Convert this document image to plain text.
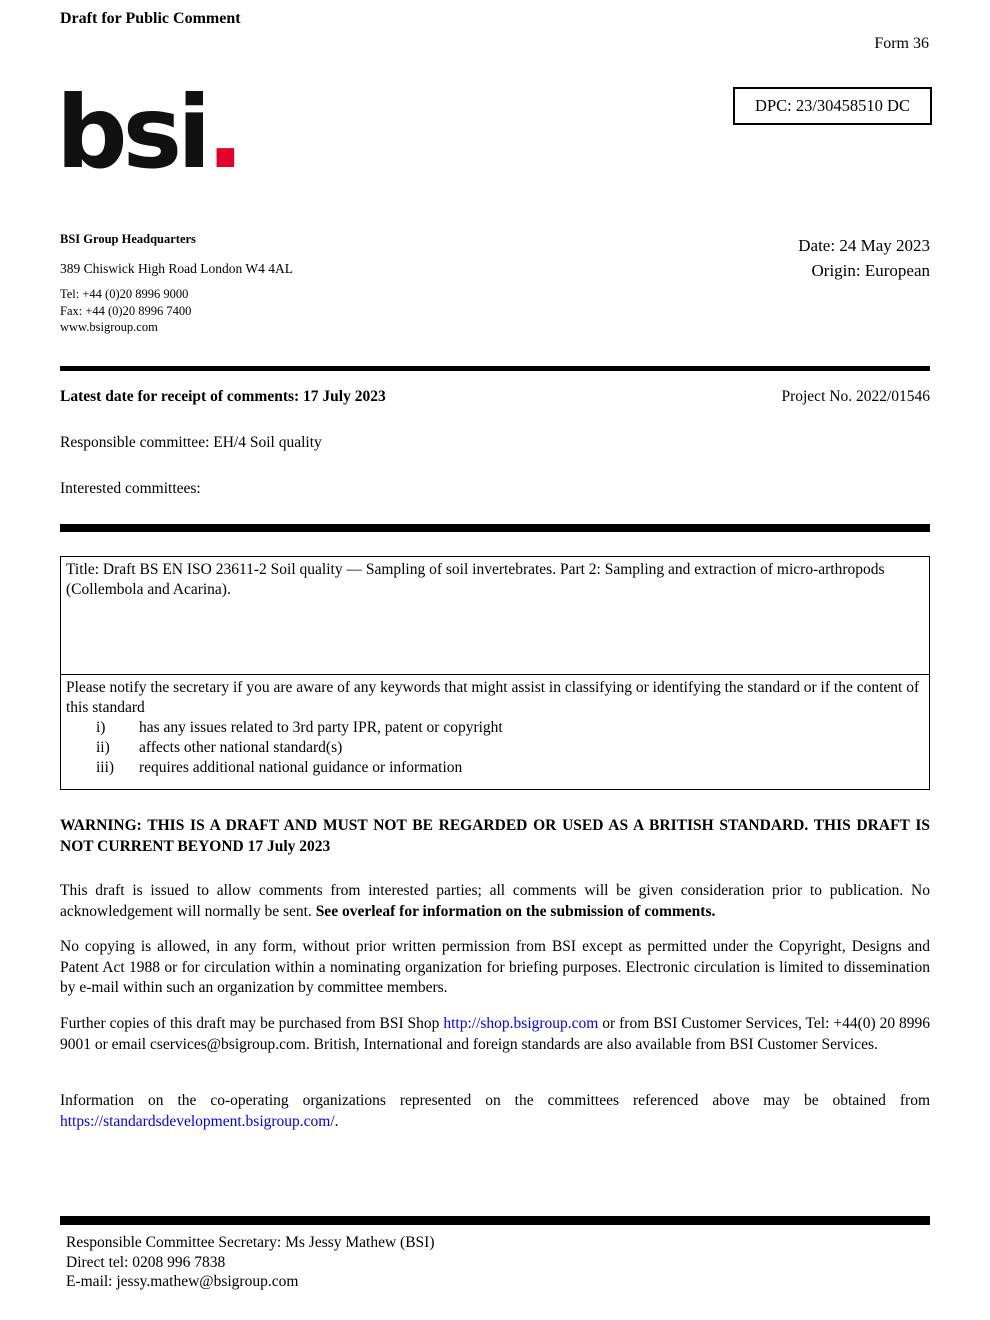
Draft for Public Comment
Form 36
DPC: 23/30458510 DC
bsi.
BSI Group Headquarters
389 Chiswick High Road London W4 4AL
Tel: +44 (0)20 8996 9000
Fax: +44 (0)20 8996 7400
www.bsigroup.com
Date: 24 May 2023
Origin: European
Latest date for receipt of comments: 17 July 2023	Project No. 2022/01546
Responsible committee: EH/4 Soil quality
Interested committees:
Title: Draft BS EN ISO 23611-2 Soil quality — Sampling of soil invertebrates. Part 2: Sampling and extraction of micro-arthropods (Collembola and Acarina).
Please notify the secretary if you are aware of any keywords that might assist in classifying or identifying the standard or if the content of this standard
i)	has any issues related to 3rd party IPR, patent or copyright
ii)	affects other national standard(s)
iii)	requires additional national guidance or information
WARNING: THIS IS A DRAFT AND MUST NOT BE REGARDED OR USED AS A BRITISH STANDARD. THIS DRAFT IS NOT CURRENT BEYOND 17 July 2023
This draft is issued to allow comments from interested parties; all comments will be given consideration prior to publication. No acknowledgement will normally be sent. See overleaf for information on the submission of comments.
No copying is allowed, in any form, without prior written permission from BSI except as permitted under the Copyright, Designs and Patent Act 1988 or for circulation within a nominating organization for briefing purposes. Electronic circulation is limited to dissemination by e-mail within such an organization by committee members.
Further copies of this draft may be purchased from BSI Shop http://shop.bsigroup.com or from BSI Customer Services, Tel: +44(0) 20 8996 9001 or email cservices@bsigroup.com. British, International and foreign standards are also available from BSI Customer Services.
Information on the co-operating organizations represented on the committees referenced above may be obtained from https://standardsdevelopment.bsigroup.com/.
Responsible Committee Secretary: Ms Jessy Mathew (BSI)
Direct tel: 0208 996 7838
E-mail: jessy.mathew@bsigroup.com
